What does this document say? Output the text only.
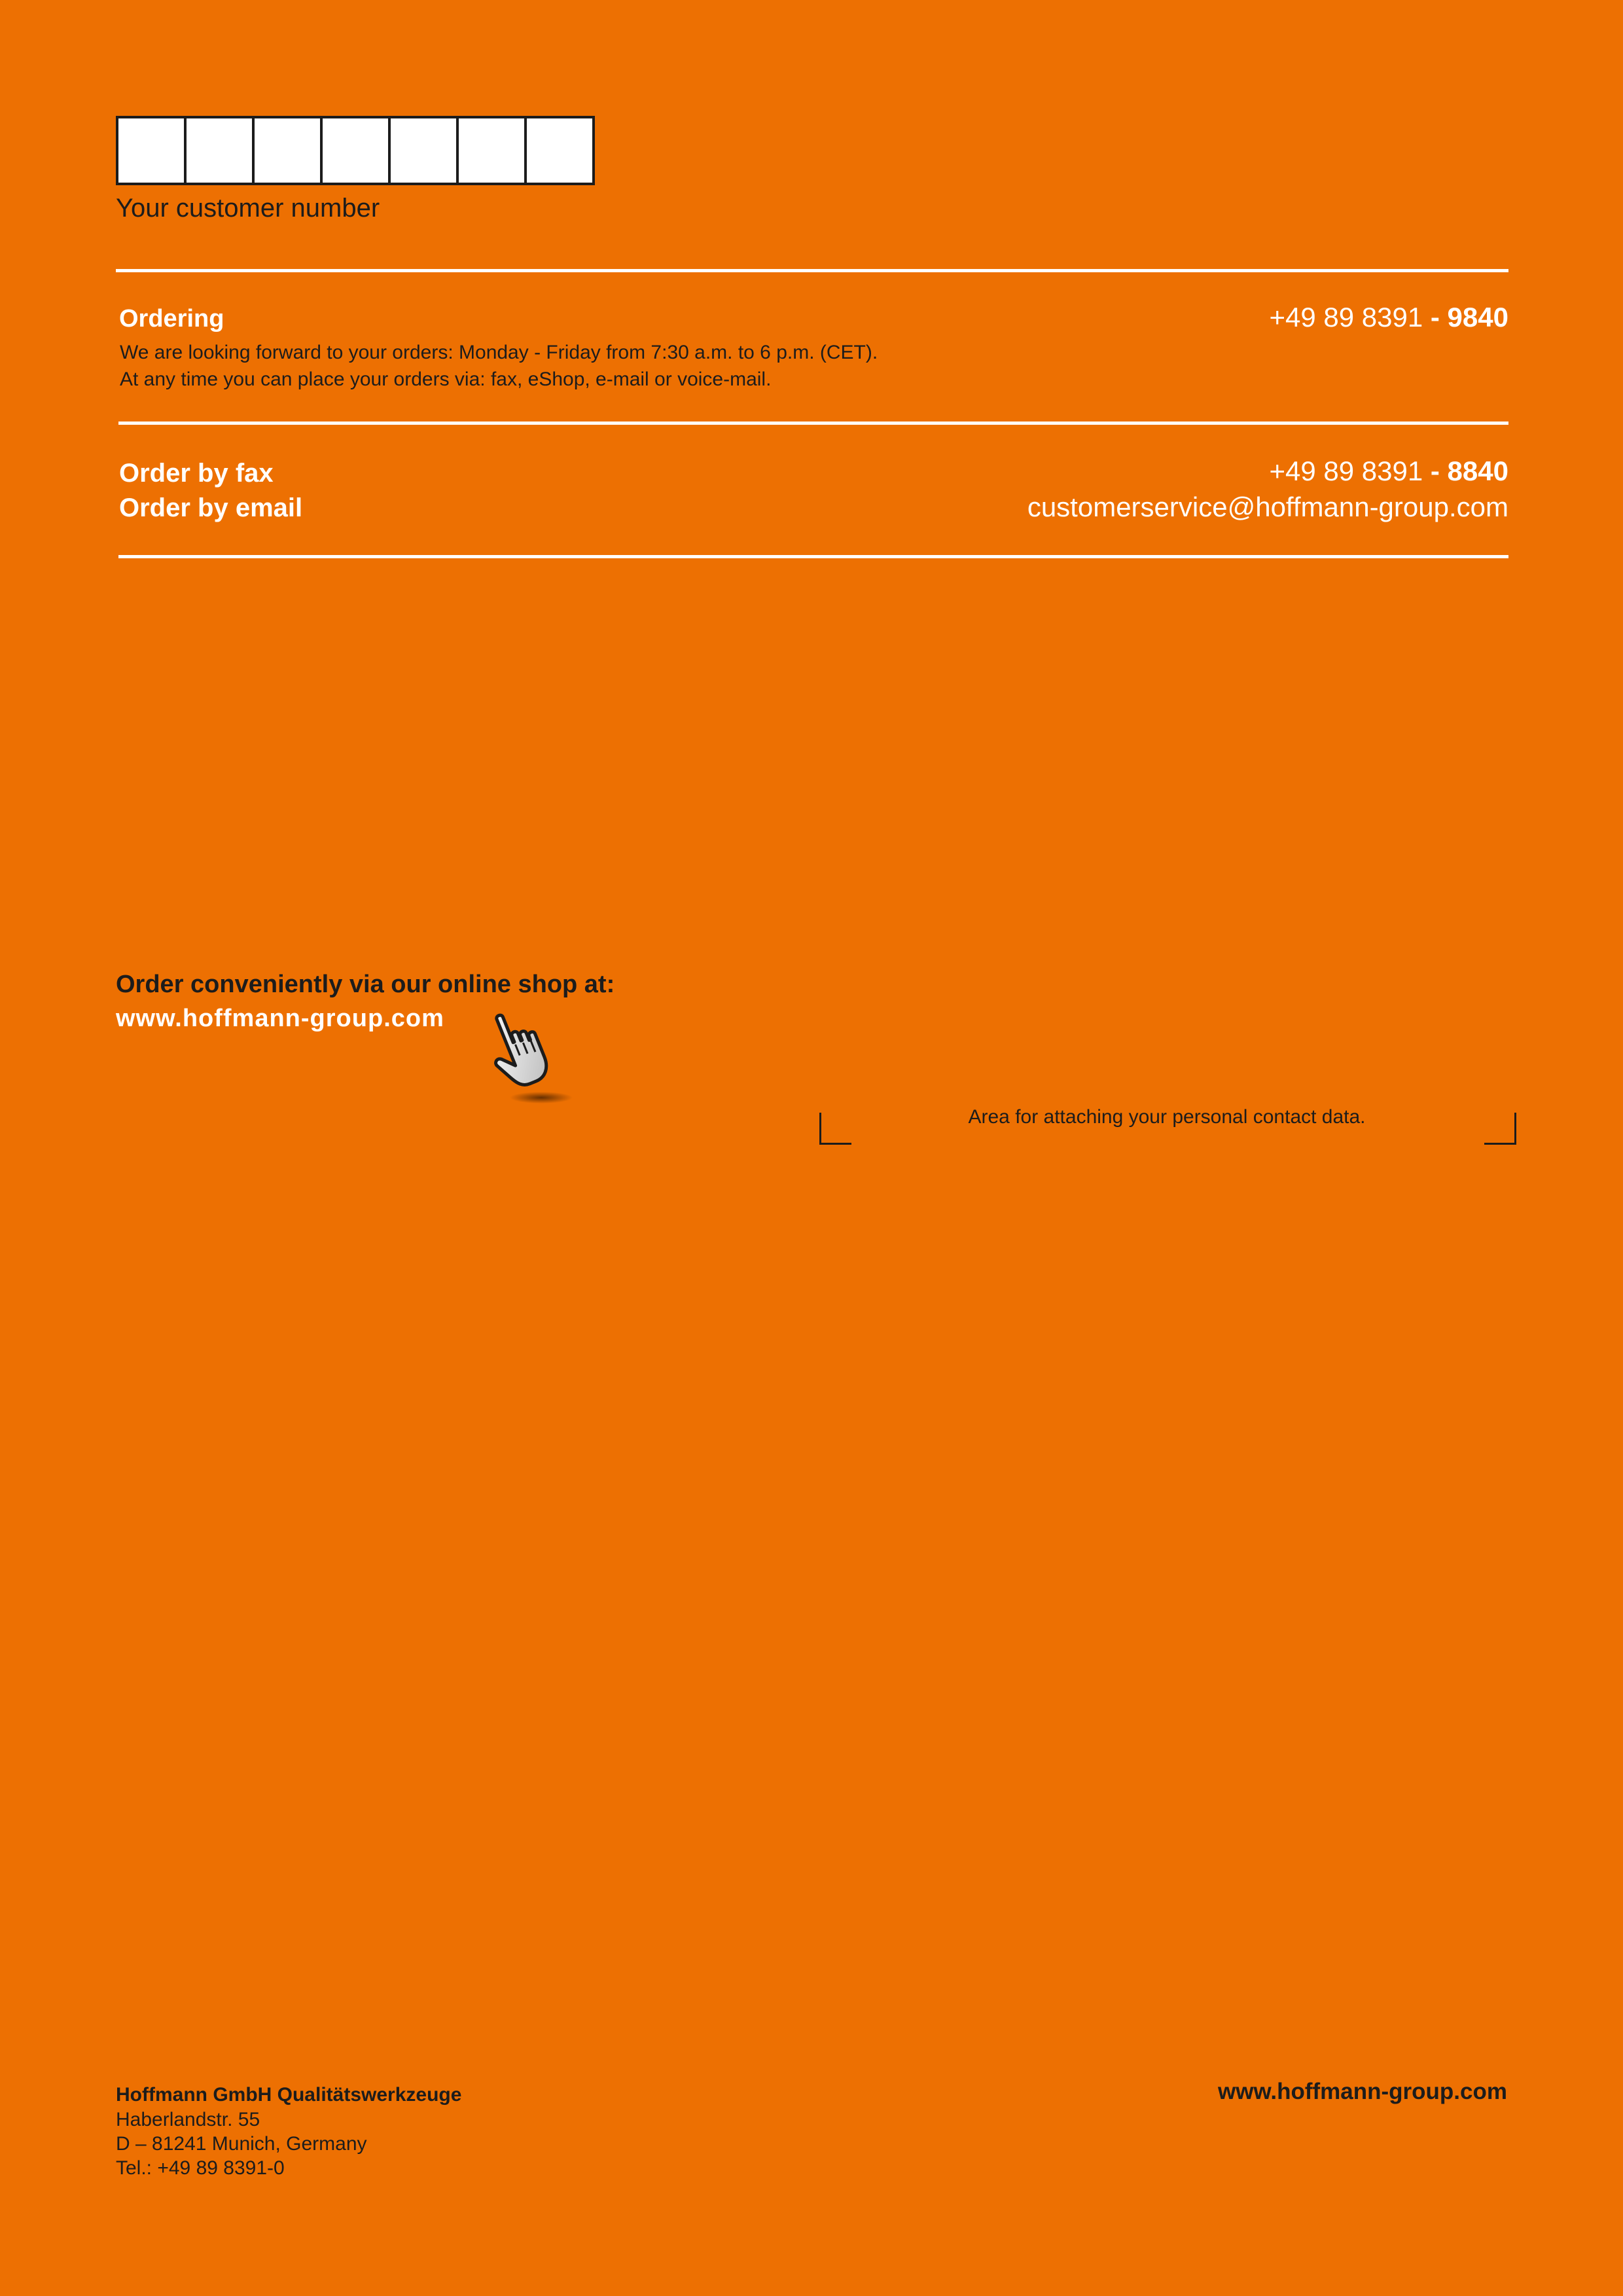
Your customer number
Ordering
We are looking forward to your orders: Monday - Friday from 7:30 a.m. to 6 p.m. (CET).
At any time you can place your orders via: fax, eShop, e-mail or voice-mail.
+49 89 8391 - 9840
Order by fax
Order by email
+49 89 8391 - 8840
customerservice@hoffmann-group.com
Order conveniently via our online shop at:
www.hoffmann-group.com
Area for attaching your personal contact data.
Hoffmann GmbH Qualitätswerkzeuge
Haberlandstr. 55
D – 81241 Munich, Germany
Tel.: +49 89 8391-0
www.hoffmann-group.com
